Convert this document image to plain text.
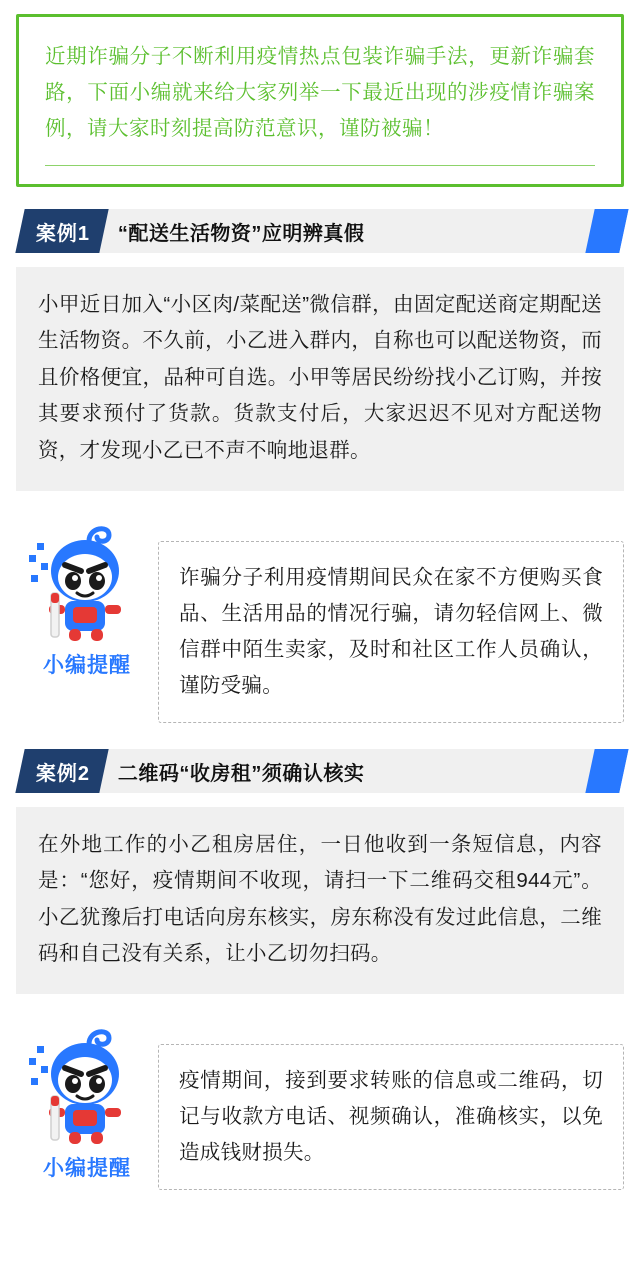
近期诈骗分子不断利用疫情热点包装诈骗手法，更新诈骗套路，下面小编就来给大家列举一下最近出现的涉疫情诈骗案例，请大家时刻提高防范意识，谨防被骗！

案例1	“配送生活物资”应明辨真假

小甲近日加入“小区肉/菜配送”微信群，由固定配送商定期配送生活物资。不久前，小乙进入群内，自称也可以配送物资，而且价格便宜，品种可自选。小甲等居民纷纷找小乙订购，并按其要求预付了货款。货款支付后，大家迟迟不见对方配送物资，才发现小乙已不声不响地退群。

小编提醒

诈骗分子利用疫情期间民众在家不方便购买食品、生活用品的情况行骗，请勿轻信网上、微信群中陌生卖家，及时和社区工作人员确认，谨防受骗。

案例2	二维码“收房租”须确认核实

在外地工作的小乙租房居住，一日他收到一条短信息，内容是：“您好，疫情期间不收现，请扫一下二维码交租944元”。小乙犹豫后打电话向房东核实，房东称没有发过此信息，二维码和自己没有关系，让小乙切勿扫码。

小编提醒

疫情期间，接到要求转账的信息或二维码，切记与收款方电话、视频确认，准确核实，以免造成钱财损失。
